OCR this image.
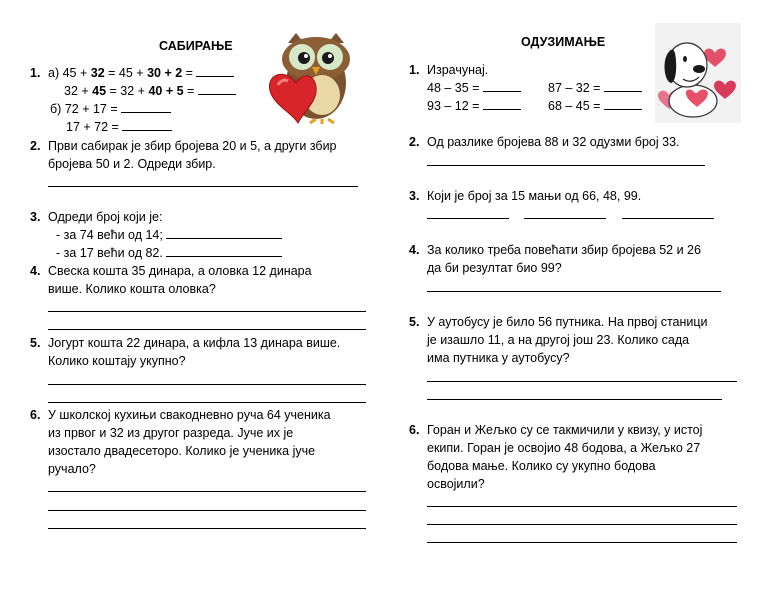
САБИРАЊЕ
1. а) 45 + 32 = 45 + 30 + 2 =
32 + 45 = 32 + 40 + 5 =
б) 72 + 17 =
17 + 72 =
2. Први сабирак је збир бројева 20 и 5, а други збир
бројева 50 и 2. Одреди збир.
3. Одреди број који је:
- за 74 већи од 14;
- за 17 већи од 82.
4. Свеска кошта 35 динара, а оловка 12 динара
више. Колико кошта оловка?
5. Јогурт кошта 22 динара, а кифла 13 динара више.
Колико коштају укупно?
6. У школској кухињи свакодневно руча 64 ученика
из првог и 32 из другог разреда. Јуче их је
изостало двадесеторо. Колико је ученика јуче
ручало?
ОДУЗИМАЊЕ
1. Израчунај.
48 – 35 =	87 – 32 =
93 – 12 =	68 – 45 =
2. Од разлике бројева 88 и 32 одузми број 33.
3. Који је број за 15 мањи од 66, 48, 99.
4. За колико треба повећати збир бројева 52 и 26
да би резултат био 99?
5. У аутобусу је било 56 путника. На првој станици
је изашло 11, а на другој још 23. Колико сада
има путника у аутобусу?
6. Горан и Жељко су се такмичили у квизу, у истој
екипи. Горан је освојио 48 бодова, а Жељко 27
бодова мање. Колико су укупно бодова
освојили?
